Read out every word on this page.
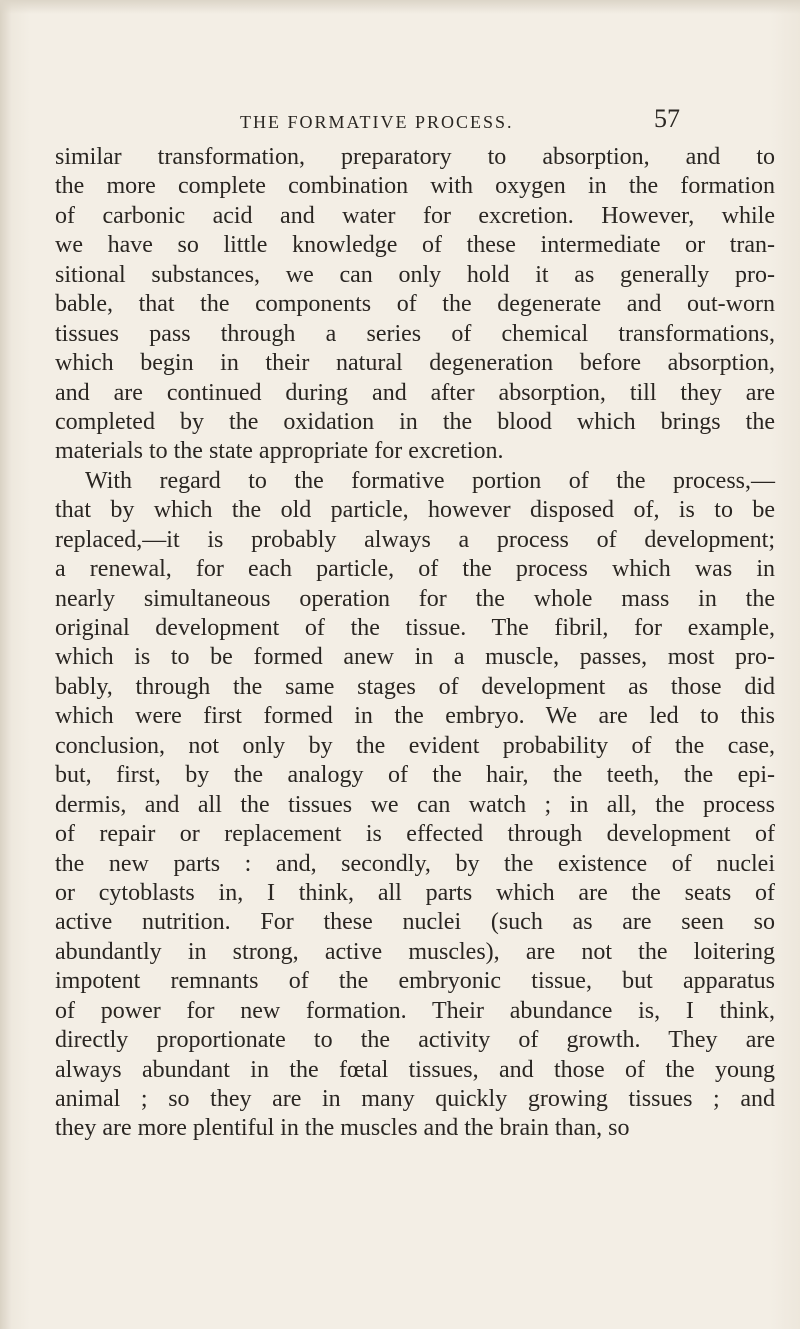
THE FORMATIVE PROCESS.	57
similar transformation, preparatory to absorption, and to
the more complete combination with oxygen in the formation
of carbonic acid and water for excretion. However, while
we have so little knowledge of these intermediate or tran-
sitional substances, we can only hold it as generally pro-
bable, that the components of the degenerate and out-worn
tissues pass through a series of chemical transformations,
which begin in their natural degeneration before absorption,
and are continued during and after absorption, till they are
completed by the oxidation in the blood which brings the
materials to the state appropriate for excretion.
With regard to the formative portion of the process,—
that by which the old particle, however disposed of, is to be
replaced,—it is probably always a process of development;
a renewal, for each particle, of the process which was in
nearly simultaneous operation for the whole mass in the
original development of the tissue. The fibril, for example,
which is to be formed anew in a muscle, passes, most pro-
bably, through the same stages of development as those did
which were first formed in the embryo. We are led to this
conclusion, not only by the evident probability of the case,
but, first, by the analogy of the hair, the teeth, the epi-
dermis, and all the tissues we can watch ; in all, the process
of repair or replacement is effected through development of
the new parts : and, secondly, by the existence of nuclei
or cytoblasts in, I think, all parts which are the seats of
active nutrition. For these nuclei (such as are seen so
abundantly in strong, active muscles), are not the loitering
impotent remnants of the embryonic tissue, but apparatus
of power for new formation. Their abundance is, I think,
directly proportionate to the activity of growth. They are
always abundant in the fœtal tissues, and those of the young
animal ; so they are in many quickly growing tissues ; and
they are more plentiful in the muscles and the brain than, so
